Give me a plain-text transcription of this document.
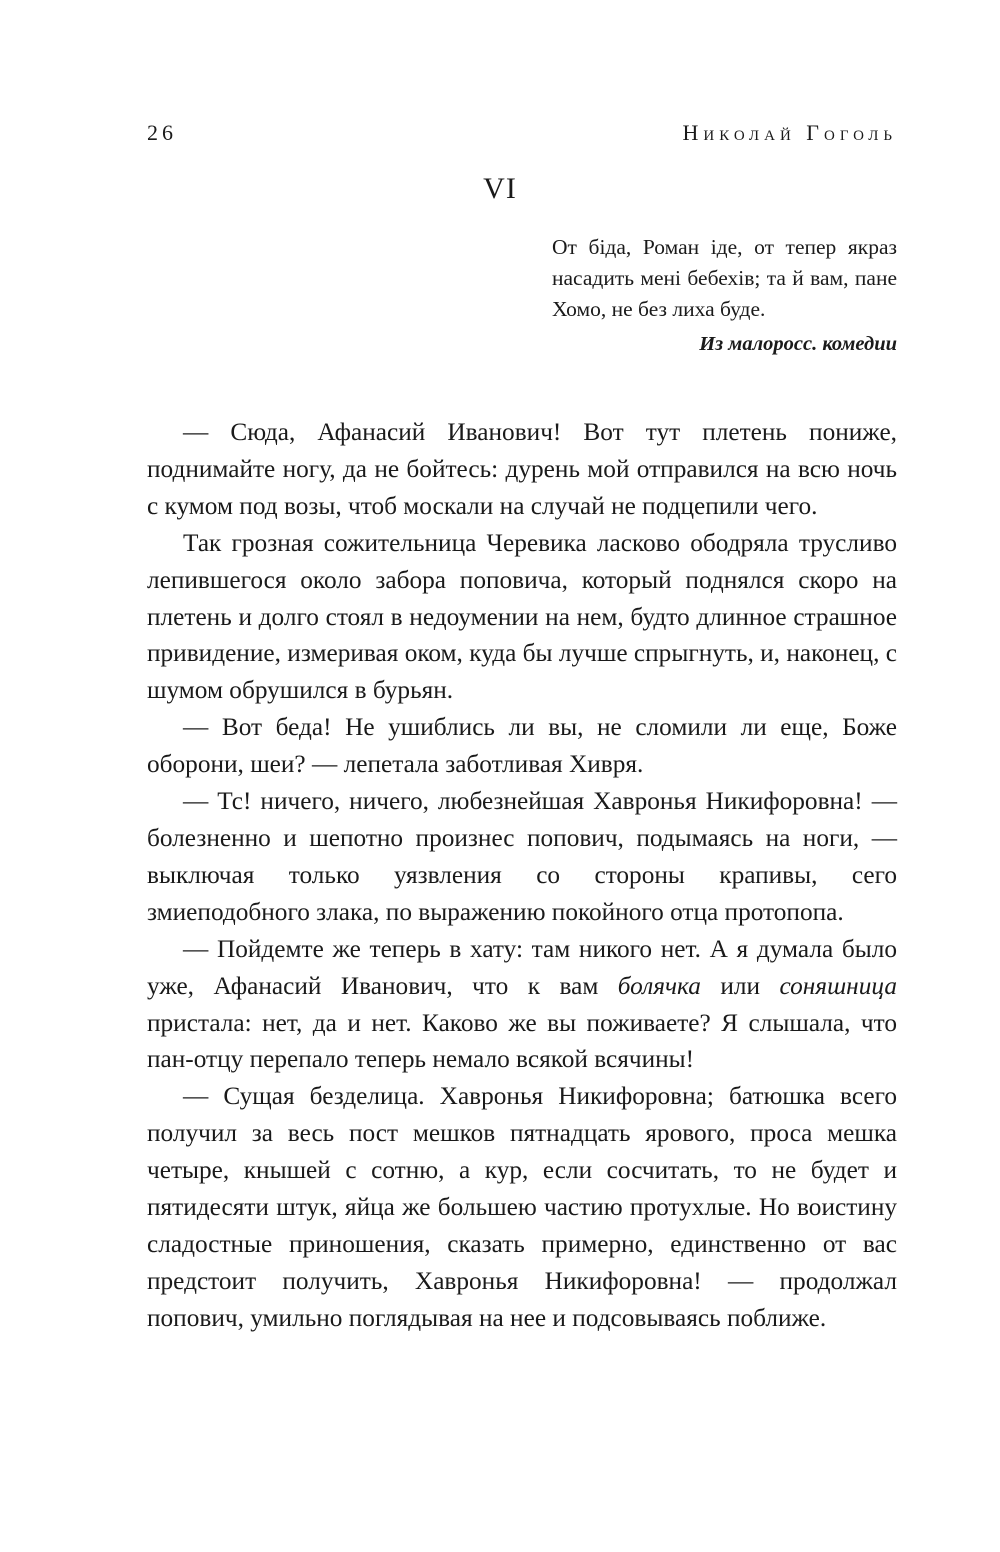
26	Николай Гоголь
VI

От біда, Роман іде, от тепер якраз насадить мені бебехів; та й вам, пане Хомо, не без лиха буде.

Из малоросс. комедии

— Сюда, Афанасий Иванович! Вот тут плетень пониже, поднимайте ногу, да не бойтесь: дурень мой отправился на всю ночь с кумом под возы, чтоб москали на случай не подцепили чего.

Так грозная сожительница Черевика ласково ободряла трусливо лепившегося около забора поповича, который поднялся скоро на плетень и долго стоял в недоумении на нем, будто длинное страшное привидение, измеривая оком, куда бы лучше спрыгнуть, и, наконец, с шумом обрушился в бурьян.

— Вот беда! Не ушиблись ли вы, не сломили ли еще, Боже оборони, шеи? — лепетала заботливая Хивря.

— Тс! ничего, ничего, любезнейшая Хавронья Никифоровна! — болезненно и шепотно произнес попович, подымаясь на ноги, — выключая только уязвления со стороны крапивы, сего змиеподобного злака, по выражению покойного отца протопопа.

— Пойдемте же теперь в хату: там никого нет. А я думала было уже, Афанасий Иванович, что к вам болячка или соняшница пристала: нет, да и нет. Каково же вы поживаете? Я слышала, что пан-отцу перепало теперь немало всякой всячины!

— Сущая безделица. Хавронья Никифоровна; батюшка всего получил за весь пост мешков пятнадцать ярового, проса мешка четыре, кнышей с сотню, а кур, если сосчитать, то не будет и пятидесяти штук, яйца же большею частию протухлые. Но воистину сладостные приношения, сказать примерно, единственно от вас предстоит получить, Хавронья Никифоровна! — продолжал попович, умильно поглядывая на нее и подсовываясь поближе.
